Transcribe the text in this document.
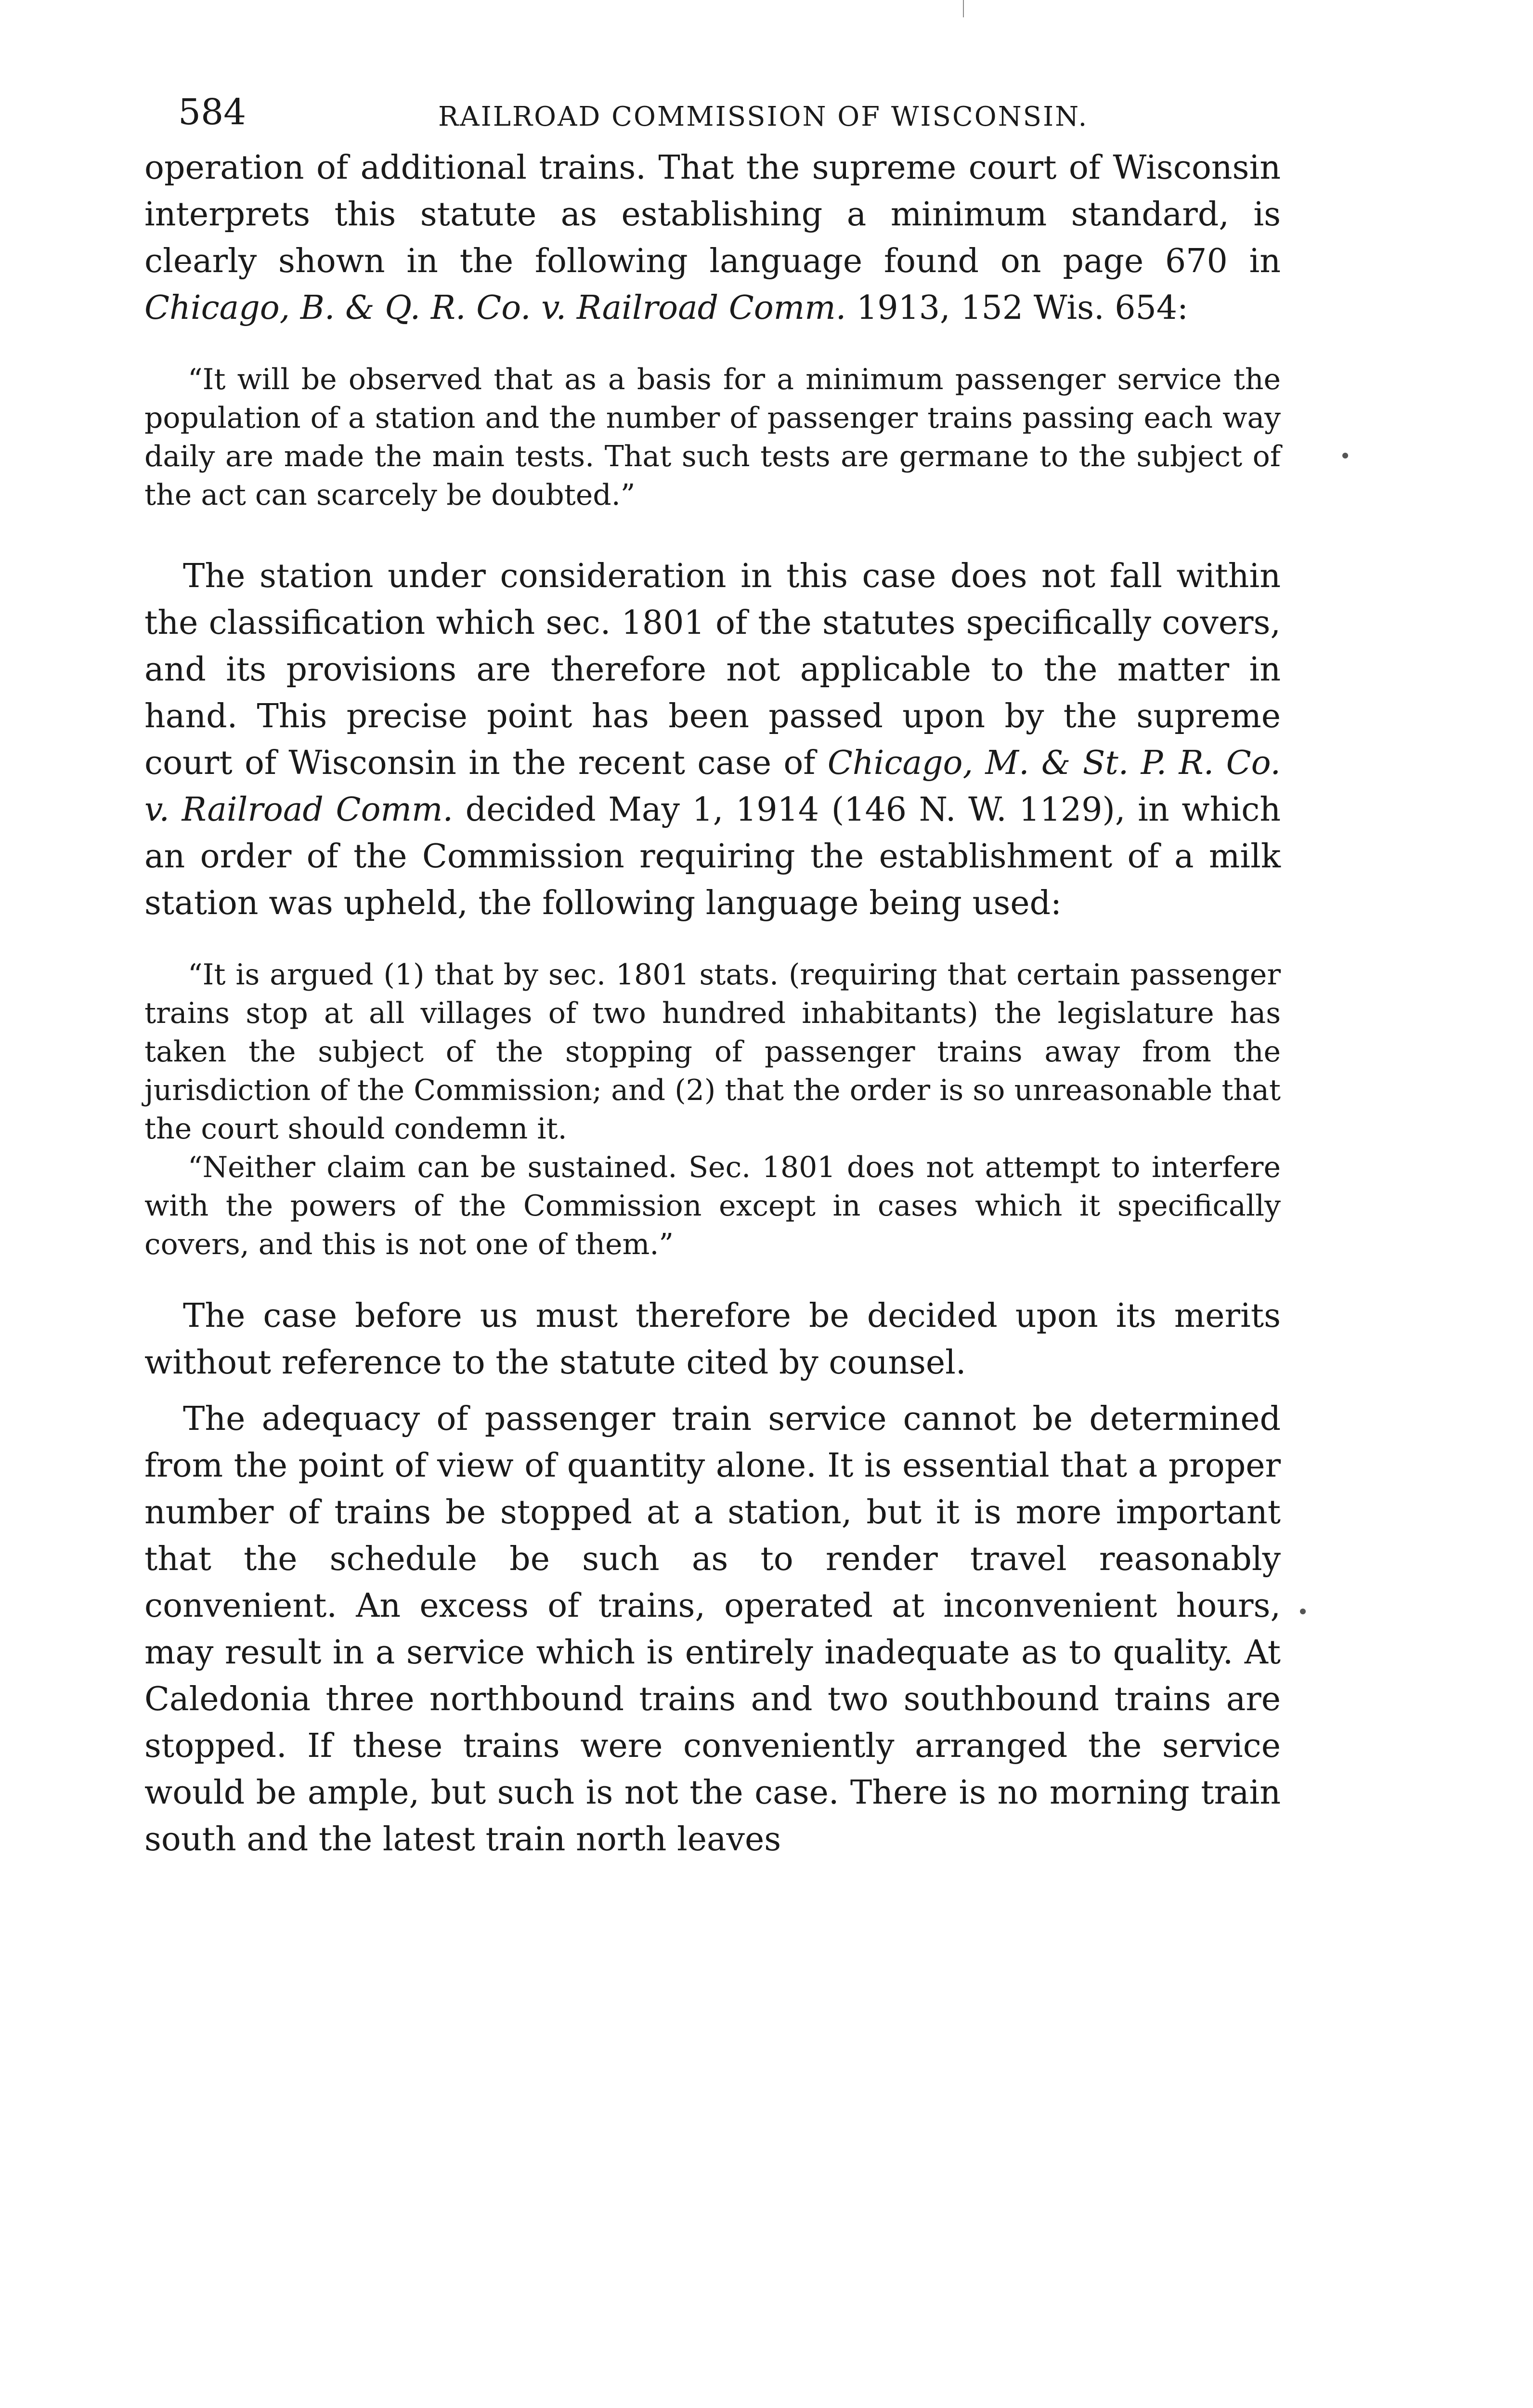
584	RAILROAD COMMISSION OF WISCONSIN.

operation of additional trains. That the supreme court of Wisconsin interprets this statute as establishing a minimum standard, is clearly shown in the following language found on page 670 in Chicago, B. & Q. R. Co. v. Railroad Comm. 1913, 152 Wis. 654:

“It will be observed that as a basis for a minimum passenger service the population of a station and the number of passenger trains passing each way daily are made the main tests. That such tests are germane to the subject of the act can scarcely be doubted.”

The station under consideration in this case does not fall within the classification which sec. 1801 of the statutes specifically covers, and its provisions are therefore not applicable to the matter in hand. This precise point has been passed upon by the supreme court of Wisconsin in the recent case of Chicago, M. & St. P. R. Co. v. Railroad Comm. decided May 1, 1914 (146 N. W. 1129), in which an order of the Commission requiring the establishment of a milk station was upheld, the following language being used:

“It is argued (1) that by sec. 1801 stats. (requiring that certain passenger trains stop at all villages of two hundred inhabitants) the legislature has taken the subject of the stopping of passenger trains away from the jurisdiction of the Commission; and (2) that the order is so unreasonable that the court should condemn it.

“Neither claim can be sustained. Sec. 1801 does not attempt to interfere with the powers of the Commission except in cases which it specifically covers, and this is not one of them.”

The case before us must therefore be decided upon its merits without reference to the statute cited by counsel.

The adequacy of passenger train service cannot be determined from the point of view of quantity alone. It is essential that a proper number of trains be stopped at a station, but it is more important that the schedule be such as to render travel reasonably convenient. An excess of trains, operated at inconvenient hours, may result in a service which is entirely inadequate as to quality. At Caledonia three northbound trains and two southbound trains are stopped. If these trains were conveniently arranged the service would be ample, but such is not the case. There is no morning train south and the latest train north leaves
